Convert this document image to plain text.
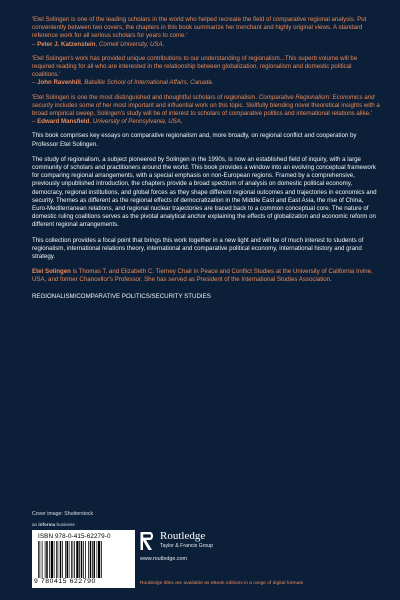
'Etel Solingen is one of the leading scholars in the world who helped recreate the field of comparative regional analysis. Put conveniently between two covers, the chapters in this book summarize her trenchant and highly original views. A standard reference work for all serious scholars for years to come.'
– Peter J. Katzenstein, Cornell University, USA.
'Etel Solingen's work has provided unique contributions to our understanding of regionalism...This superb volume will be required reading for all who are interested in the relationship between globalization, regionalism and domestic political coalitions.'
– John Ravenhill, Balsillie School of International Affairs, Canada.
'Etel Solingen is one the most distinguished and thoughtful scholars of regionalism. Comparative Regionalism: Economics and security includes some of her most important and influential work on this topic. Skillfully blending novel theoretical insights with a broad empirical sweep, Solingen's study will be of interest to scholars of comparative politics and international relations alike.'
– Edward Mansfield, University of Pennsylvania, USA.

This book comprises key essays on comparative regionalism and, more broadly, on regional conflict and cooperation by Professor Etel Solingen.

The study of regionalism, a subject pioneered by Solingen in the 1990s, is now an established field of inquiry, with a large community of scholars and practitioners around the world. This book provides a window into an evolving conceptual framework for comparing regional arrangements, with a special emphasis on non-European regions. Framed by a comprehensive, previously unpublished introduction, the chapters provide a broad spectrum of analysis on domestic political economy, democracy, regional institutions, and global forces as they shape different regional outcomes and trajectories in economics and security. Themes as different as the regional effects of democratization in the Middle East and East Asia, the rise of China, Euro-Mediterranean relations, and regional nuclear trajectories are traced back to a common conceptual core. The nature of domestic ruling coalitions serves as the pivotal analytical anchor explaining the effects of globalization and economic reform on different regional arrangements.

This collection provides a focal point that brings this work together in a new light and will be of much interest to students of regionalism, international relations theory, international and comparative political economy, international history and grand strategy.

Etel Solingen is Thomas T. and Elizabeth C. Tierney Chair in Peace and Conflict Studies at the University of California Irvine, USA, and former Chancellor's Professor. She has served as President of the International Studies Association.

REGIONALISM/COMPARATIVE POLITICS/SECURITY STUDIES
Cover image: Shutterstock
an informa business
ISBN 978-0-415-62279-0
9 780415 622790
Routledge
Taylor & Francis Group
www.routledge.com
Routledge titles are available as eBook editions in a range of digital formats
